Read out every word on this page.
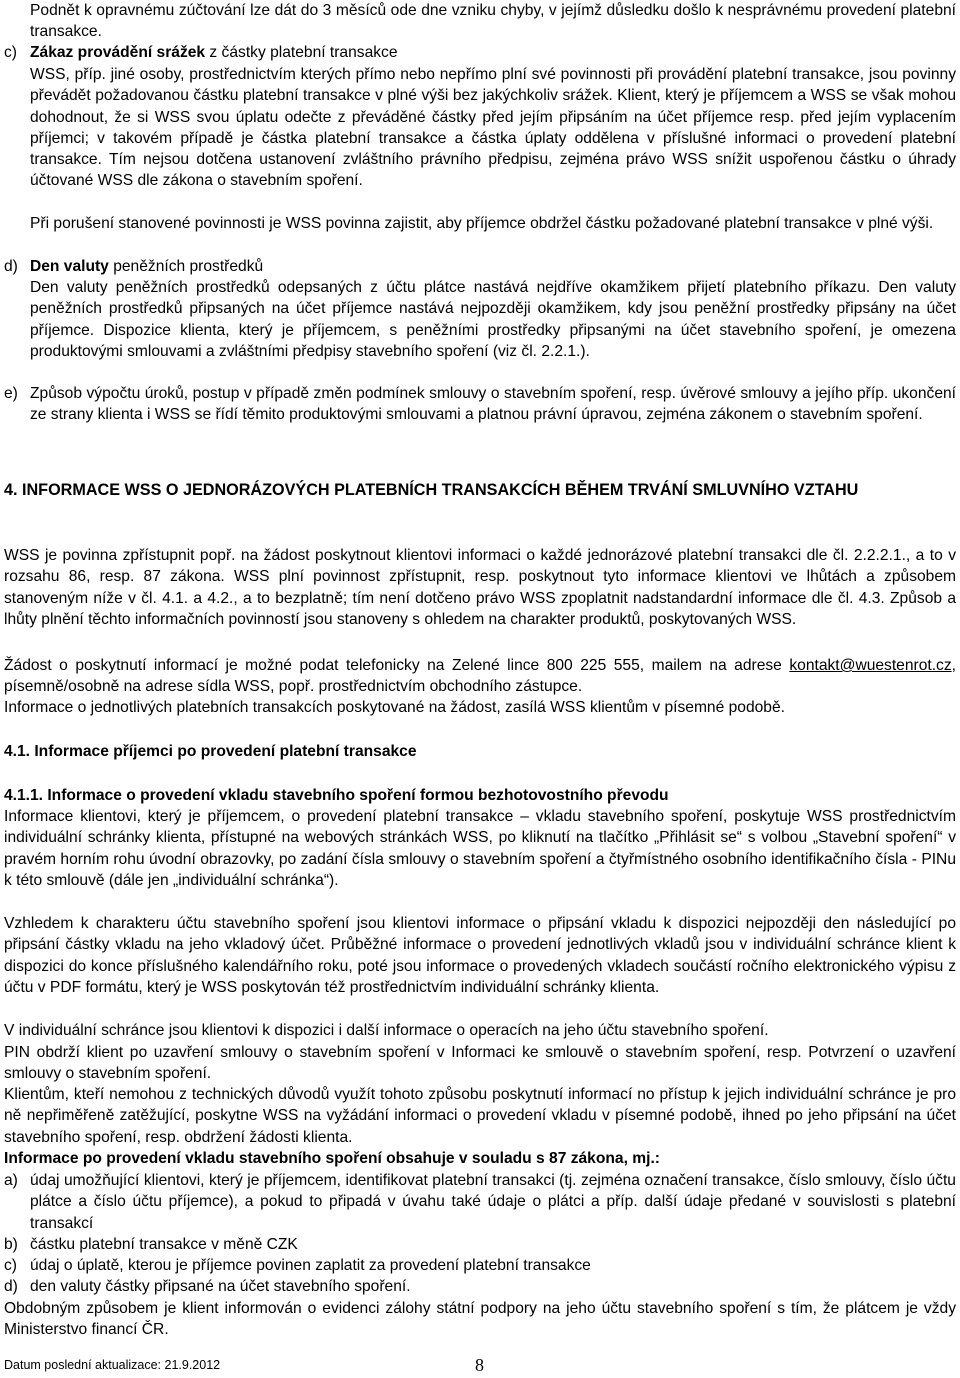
Podnět k opravnému zúčtování lze dát do 3 měsíců ode dne vzniku chyby, v jejímž důsledku došlo k nesprávnému provedení platební transakce.

c) Zákaz provádění srážek z částky platební transakce

WSS, příp. jiné osoby, prostřednictvím kterých přímo nebo nepřímo plní své povinnosti při provádění platební transakce, jsou povinny převádět požadovanou částku platební transakce v plné výši bez jakýchkoliv srážek. Klient, který je příjemcem a WSS se však mohou dohodnout, že si WSS svou úplatu odečte z převáděné částky před jejím připsáním na účet příjemce resp. před jejím vyplacením příjemci; v takovém případě je částka platební transakce a částka úplaty oddělena v příslušné informaci o provedení platební transakce. Tím nejsou dotčena ustanovení zvláštního právního předpisu, zejména právo WSS snížit uspořenou částku o úhrady účtované WSS dle zákona o stavebním spoření.

Při porušení stanovené povinnosti je WSS povinna zajistit, aby příjemce obdržel částku požadované platební transakce v plné výši.

d) Den valuty peněžních prostředků

Den valuty peněžních prostředků odepsaných z účtu plátce nastává nejdříve okamžikem přijetí platebního příkazu. Den valuty peněžních prostředků připsaných na účet příjemce nastává nejpozději okamžikem, kdy jsou peněžní prostředky připsány na účet příjemce. Dispozice klienta, který je příjemcem, s peněžními prostředky připsanými na účet stavebního spoření, je omezena produktovými smlouvami a zvláštními předpisy stavebního spoření (viz čl. 2.2.1.).

e) Způsob výpočtu úroků, postup v případě změn podmínek smlouvy o stavebním spoření, resp. úvěrové smlouvy a jejího příp. ukončení ze strany klienta i WSS se řídí těmito produktovými smlouvami a platnou právní úpravou, zejména zákonem o stavebním spoření.

4. INFORMACE WSS O JEDNORÁZOVÝCH PLATEBNÍCH TRANSAKCÍCH BĚHEM TRVÁNÍ SMLUVNÍHO VZTAHU

WSS je povinna zpřístupnit popř. na žádost poskytnout klientovi informaci o každé jednorázové platební transakci dle čl. 2.2.2.1., a to v rozsahu 86, resp. 87 zákona. WSS plní povinnost zpřístupnit, resp. poskytnout tyto informace klientovi ve lhůtách a způsobem stanoveným níže v čl. 4.1. a 4.2., a to bezplatně; tím není dotčeno právo WSS zpoplatnit nadstandardní informace dle čl. 4.3. Způsob a lhůty plnění těchto informačních povinností jsou stanoveny s ohledem na charakter produktů, poskytovaných WSS.

Žádost o poskytnutí informací je možné podat telefonicky na Zelené lince 800 225 555, mailem na adrese kontakt@wuestenrot.cz, písemně/osobně na adrese sídla WSS, popř. prostřednictvím obchodního zástupce.

Informace o jednotlivých platebních transakcích poskytované na žádost, zasílá WSS klientům v písemné podobě.

4.1. Informace příjemci po provedení platební transakce

4.1.1. Informace o provedení vkladu stavebního spoření formou bezhotovostního převodu

Informace klientovi, který je příjemcem, o provedení platební transakce – vkladu stavebního spoření, poskytuje WSS prostřednictvím individuální schránky klienta, přístupné na webových stránkách WSS, po kliknutí na tlačítko „Přihlásit se“ s volbou „Stavební spoření“ v pravém horním rohu úvodní obrazovky, po zadání čísla smlouvy o stavebním spoření a čtyřmístného osobního identifikačního čísla - PINu k této smlouvě (dále jen „individuální schránka“).

Vzhledem k charakteru účtu stavebního spoření jsou klientovi informace o připsání vkladu k dispozici nejpozději den následující po připsání částky vkladu na jeho vkladový účet. Průběžné informace o provedení jednotlivých vkladů jsou v individuální schránce klient k dispozici do konce příslušného kalendářního roku, poté jsou informace o provedených vkladech součástí ročního elektronického výpisu z účtu v PDF formátu, který je WSS poskytován též prostřednictvím individuální schránky klienta.

V individuální schránce jsou klientovi k dispozici i další informace o operacích na jeho účtu stavebního spoření.

PIN obdrží klient po uzavření smlouvy o stavebním spoření v Informaci ke smlouvě o stavebním spoření, resp. Potvrzení o uzavření smlouvy o stavebním spoření.

Klientům, kteří nemohou z technických důvodů využít tohoto způsobu poskytnutí informací no přístup k jejich individuální schránce je pro ně nepřiměřeně zatěžující, poskytne WSS na vyžádání informaci o provedení vkladu v písemné podobě, ihned po jeho připsání na účet stavebního spoření, resp. obdržení žádosti klienta.

Informace po provedení vkladu stavebního spoření obsahuje v souladu s 87 zákona, mj.:

a) údaj umožňující klientovi, který je příjemcem, identifikovat platební transakci (tj. zejména označení transakce, číslo smlouvy, číslo účtu plátce a číslo účtu příjemce), a pokud to připadá v úvahu také údaje o plátci a příp. další údaje předané v souvislosti s platební transakcí
b) částku platební transakce v měně CZK
c) údaj o úplatě, kterou je příjemce povinen zaplatit za provedení platební transakce
d) den valuty částky připsané na účet stavebního spoření.

Obdobným způsobem je klient informován o evidenci zálohy státní podpory na jeho účtu stavebního spoření s tím, že plátcem je vždy Ministerstvo financí ČR.

Datum poslední aktualizace: 21.9.2012	8
